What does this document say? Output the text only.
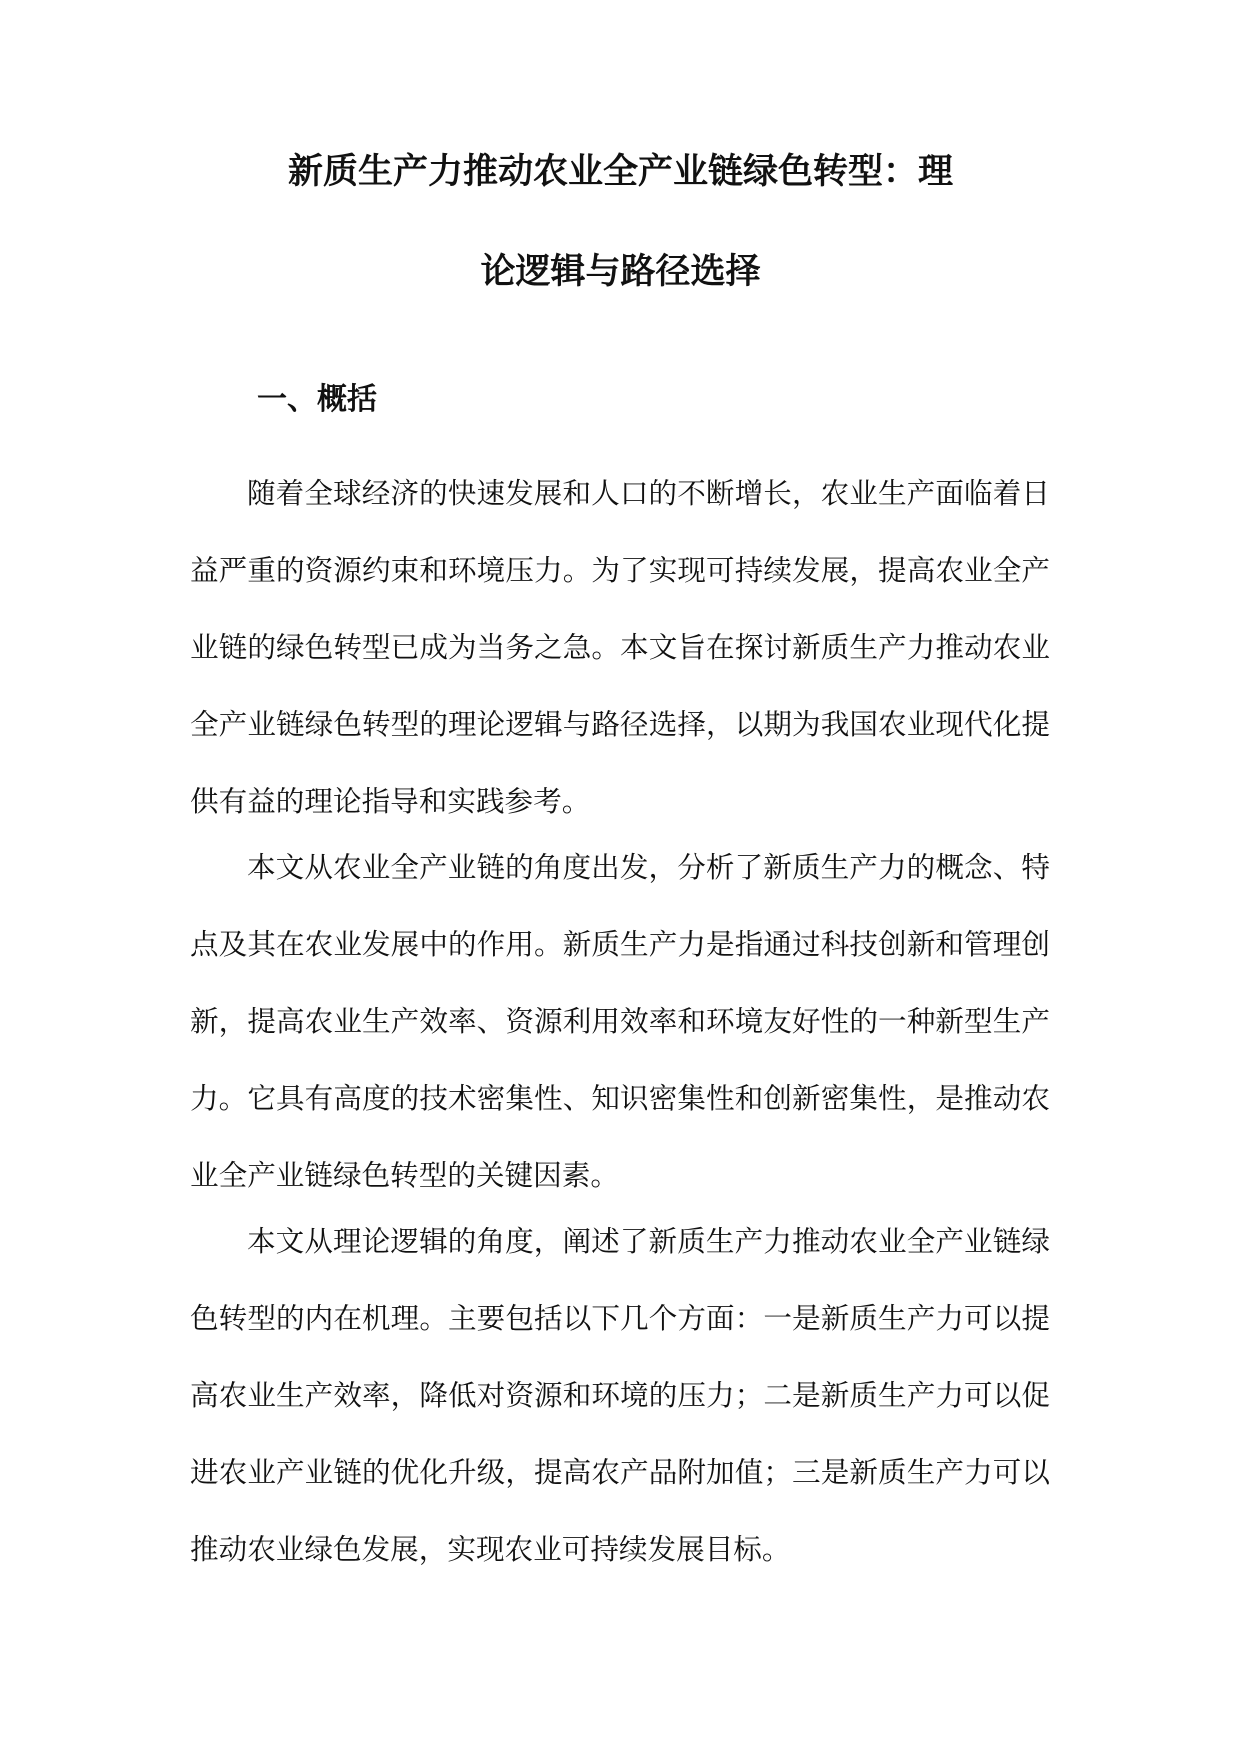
新质生产力推动农业全产业链绿色转型：理
论逻辑与路径选择
一、概括

随着全球经济的快速发展和人口的不断增长，农业生产面临着日益严重的资源约束和环境压力。为了实现可持续发展，提高农业全产业链的绿色转型已成为当务之急。本文旨在探讨新质生产力推动农业全产业链绿色转型的理论逻辑与路径选择，以期为我国农业现代化提供有益的理论指导和实践参考。

本文从农业全产业链的角度出发，分析了新质生产力的概念、特点及其在农业发展中的作用。新质生产力是指通过科技创新和管理创新，提高农业生产效率、资源利用效率和环境友好性的一种新型生产力。它具有高度的技术密集性、知识密集性和创新密集性，是推动农业全产业链绿色转型的关键因素。

本文从理论逻辑的角度，阐述了新质生产力推动农业全产业链绿色转型的内在机理。主要包括以下几个方面：一是新质生产力可以提高农业生产效率，降低对资源和环境的压力；二是新质生产力可以促进农业产业链的优化升级，提高农产品附加值；三是新质生产力可以推动农业绿色发展，实现农业可持续发展目标。
